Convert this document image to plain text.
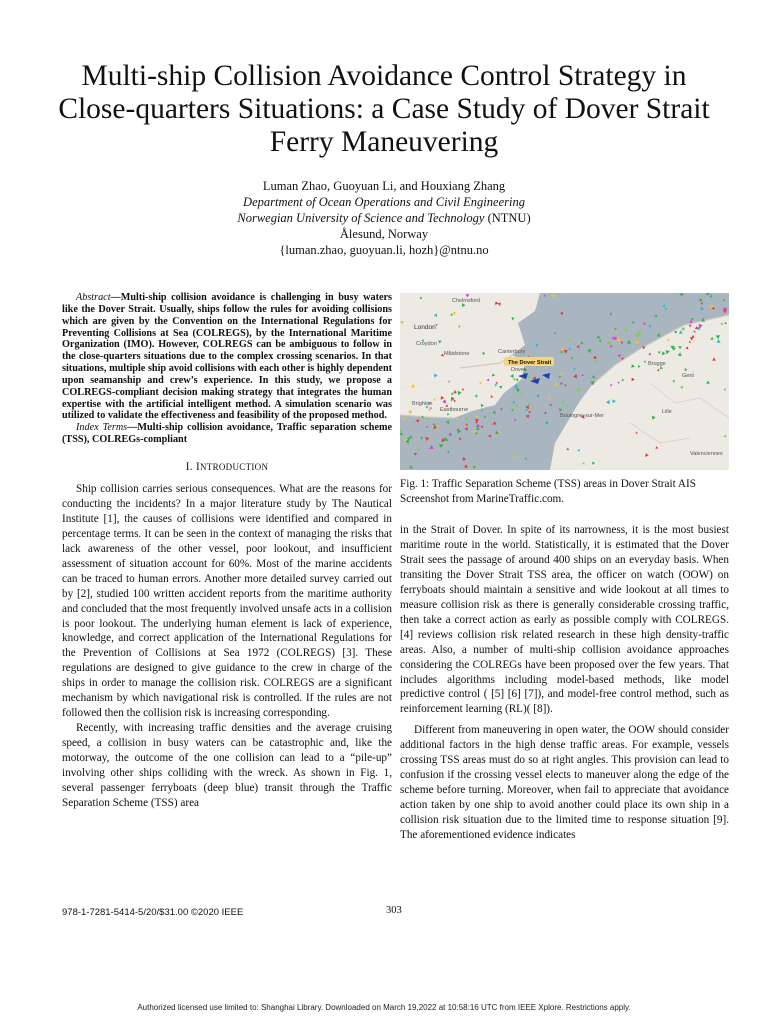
Multi-ship Collision Avoidance Control Strategy in Close-quarters Situations: a Case Study of Dover Strait Ferry Maneuvering
Luman Zhao, Guoyuan Li, and Houxiang Zhang
Department of Ocean Operations and Civil Engineering
Norwegian University of Science and Technology (NTNU)
Ålesund, Norway
{luman.zhao, guoyuan.li, hozh}@ntnu.no

Abstract—Multi-ship collision avoidance is challenging in busy waters like the Dover Strait. Usually, ships follow the rules for avoiding collisions which are given by the Convention on the International Regulations for Preventing Collisions at Sea (COLREGS), by the International Maritime Organization (IMO). However, COLREGS can be ambiguous to follow in the close-quarters situations due to the complex crossing scenarios. In that situations, multiple ship avoid collisions with each other is highly dependent upon seamanship and crew’s experience. In this study, we propose a COLREGS-compliant decision making strategy that integrates the human expertise with the artificial intelligent method. A simulation scenario was utilized to validate the effectiveness and feasibility of the proposed method.

Index Terms—Multi-ship collision avoidance, Traffic separation scheme (TSS), COLREGs-compliant

I. INTRODUCTION

Ship collision carries serious consequences. What are the reasons for conducting the incidents? In a major literature study by The Nautical Institute [1], the causes of collisions were identified and compared in percentage terms. It can be seen in the context of managing the risks that lack awareness of the other vessel, poor lookout, and insufficient assessment of situation account for 60%. Most of the marine accidents can be traced to human errors. Another more detailed survey carried out by [2], studied 100 written accident reports from the maritime authority and concluded that the most frequently involved unsafe acts in a collision is poor lookout. The underlying human element is lack of experience, knowledge, and correct application of the International Regulations for the Prevention of Collisions at Sea 1972 (COLREGS) [3]. These regulations are designed to give guidance to the crew in charge of the ships in order to manage the collision risk. COLREGS are a significant mechanism by which navigational risk is controlled. If the rules are not followed then the collision risk is increasing corresponding.

Recently, with increasing traffic densities and the average cruising speed, a collision in busy waters can be catastrophic and, like the motorway, the outcome of the one collision can lead to a “pile-up” involving other ships colliding with the wreck. As shown in Fig. 1, several passenger ferryboats (deep blue) transit through the Traffic Separation Scheme (TSS) area

Chelmsford
London
Croydon
Maidstone	Canterbury
Dover
Brighton
Eastbourne
Boulogne-sur-Mer
Lille
Valenciennes
Brugge
Gent
The Dover Strait
Fig. 1: Traffic Separation Scheme (TSS) areas in Dover Strait AIS Screenshot from MarineTraffic.com.

in the Strait of Dover. In spite of its narrowness, it is the most busiest maritime route in the world. Statistically, it is estimated that the Dover Strait sees the passage of around 400 ships on an everyday basis. When transiting the Dover Strait TSS area, the officer on watch (OOW) on ferryboats should maintain a sensitive and wide lookout at all times to measure collision risk as there is generally considerable crossing traffic, then take a correct action as early as possible comply with COLREGS. [4] reviews collision risk related research in these high density-traffic areas. Also, a number of multi-ship collision avoidance approaches considering the COLREGs have been proposed over the few years. That includes algorithms including model-based methods, like model predictive control ( [5] [6] [7]), and model-free control method, such as reinforcement learning (RL)( [8]).

Different from maneuvering in open water, the OOW should consider additional factors in the high dense traffic areas. For example, vessels crossing TSS areas must do so at right angles. This provision can lead to confusion if the crossing vessel elects to maneuver along the edge of the scheme before turning. Moreover, when fail to appreciate that avoidance action taken by one ship to avoid another could place its own ship in a collision risk situation due to the limited time to response situation [9]. The aforementioned evidence indicates

978-1-7281-5414-5/20/$31.00 ©2020 IEEE	303
Authorized licensed use limited to: Shanghai Library. Downloaded on March 19,2022 at 10:58:16 UTC from IEEE Xplore. Restrictions apply.
